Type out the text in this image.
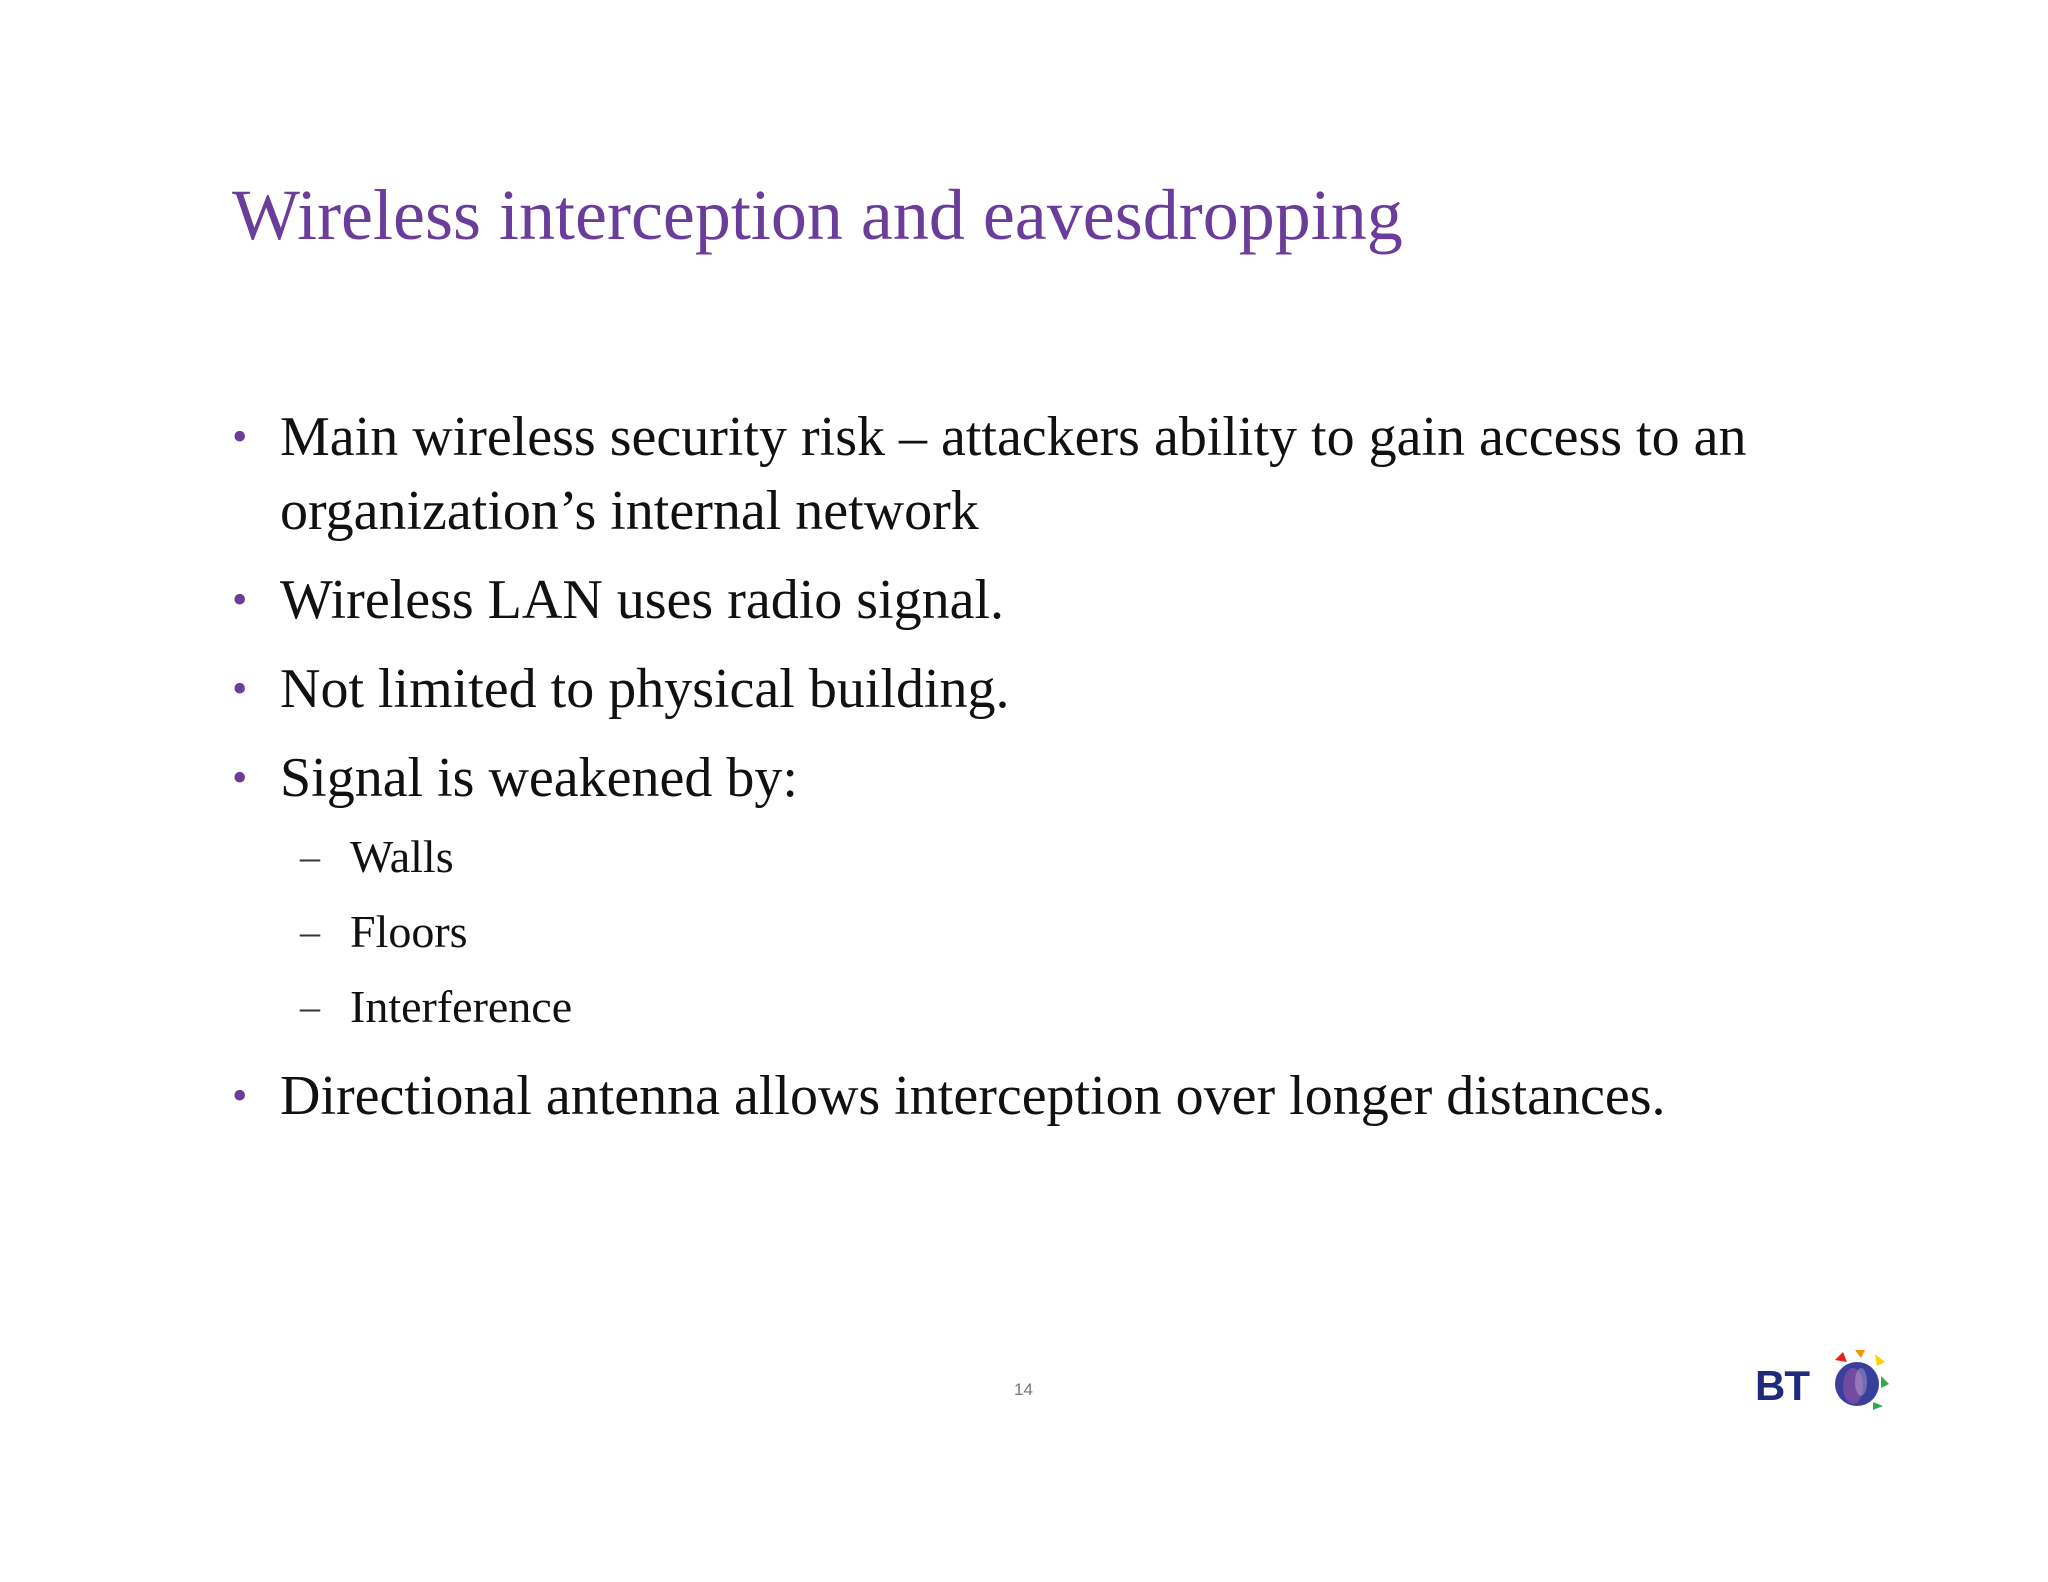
Wireless interception and eavesdropping
• Main wireless security risk – attackers ability to gain access to an organization’s internal network
• Wireless LAN uses radio signal.
• Not limited to physical building.
• Signal is weakened by:
– Walls
– Floors
– Interference
• Directional antenna allows interception over longer distances.
14	BT
